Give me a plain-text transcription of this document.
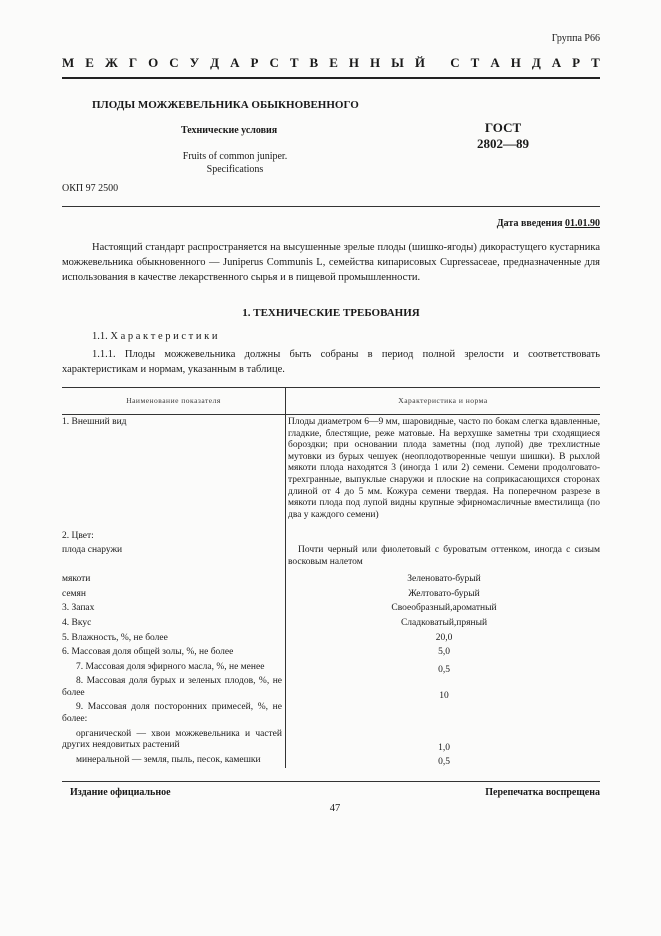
Группа Р66
М Е Ж Г О С У Д А Р С Т В Е Н Н Ы Й
С Т А Н Д А Р Т
ПЛОДЫ МОЖЖЕВЕЛЬНИКА ОБЫКНОВЕННОГО
Технические условия	ГОСТ
2802—89
Fruits of common juniper.
Specifications
ОКП 97 2500
Дата введения 01.01.90
Настоящий стандарт распространяется на высушенные зрелые плоды (шишко-ягоды) дикорастущего кустарника можжевельника обыкновенного — Juniperus Communis L, семейства кипарисовых Cupressaceae, предназначенные для использования в качестве лекарственного сырья и в пищевой промышленности.
1. ТЕХНИЧЕСКИЕ ТРЕБОВАНИЯ
1.1. Х а р а к т е р и с т и к и
1.1.1. Плоды можжевельника должны быть собраны в период полной зрелости и соответствовать характеристикам и нормам, указанным в таблице.
Наименование показателя	Характеристика и норма
1. Внешний вид	Плоды диаметром 6—9 мм, шаровидные, часто по бокам слегка вдавленные, гладкие, блестящие, реже матовые. На верхушке заметны три сходящиеся бороздки; при основании плода заметны (под лупой) две трехлистные мутовки из бурых чешуек (неоплодотворенные чешуи шишки). В рыхлой мякоти плода находятся 3 (иногда 1 или 2) семени. Семени продолговато-трехгранные, выпуклые снаружи и плоские на соприкасающихся сторонах длиной от 4 до 5 мм. Кожура семени твердая. На поперечном разрезе в мякоти плода под лупой видны крупные эфирномасличные вместилища (по два у каждого семени)

2. Цвет:	
плода снаружи	Почти черный или фиолетовый с буроватым оттенком, иногда с сизым восковым налетом

мякоти	Зеленовато-бурый
семян	Желтовато-бурый
3. Запах	Своеобразный,ароматный
4. Вкус	Сладковатый,пряный
5. Влажность, %, не более	20,0
6. Массовая доля общей золы, %, не более	5,0
7. Массовая доля эфирного масла, %, не менее	0,5
8. Массовая доля бурых и зеленых плодов, %, не более	10
9. Массовая доля посторонних примесей, %, не более:	
органической — хвои можжевельника и частей других неядовитых растений	1,0
минеральной — земля, пыль, песок, камешки	0,5
Издание официальное	Перепечатка воспрещена
47
